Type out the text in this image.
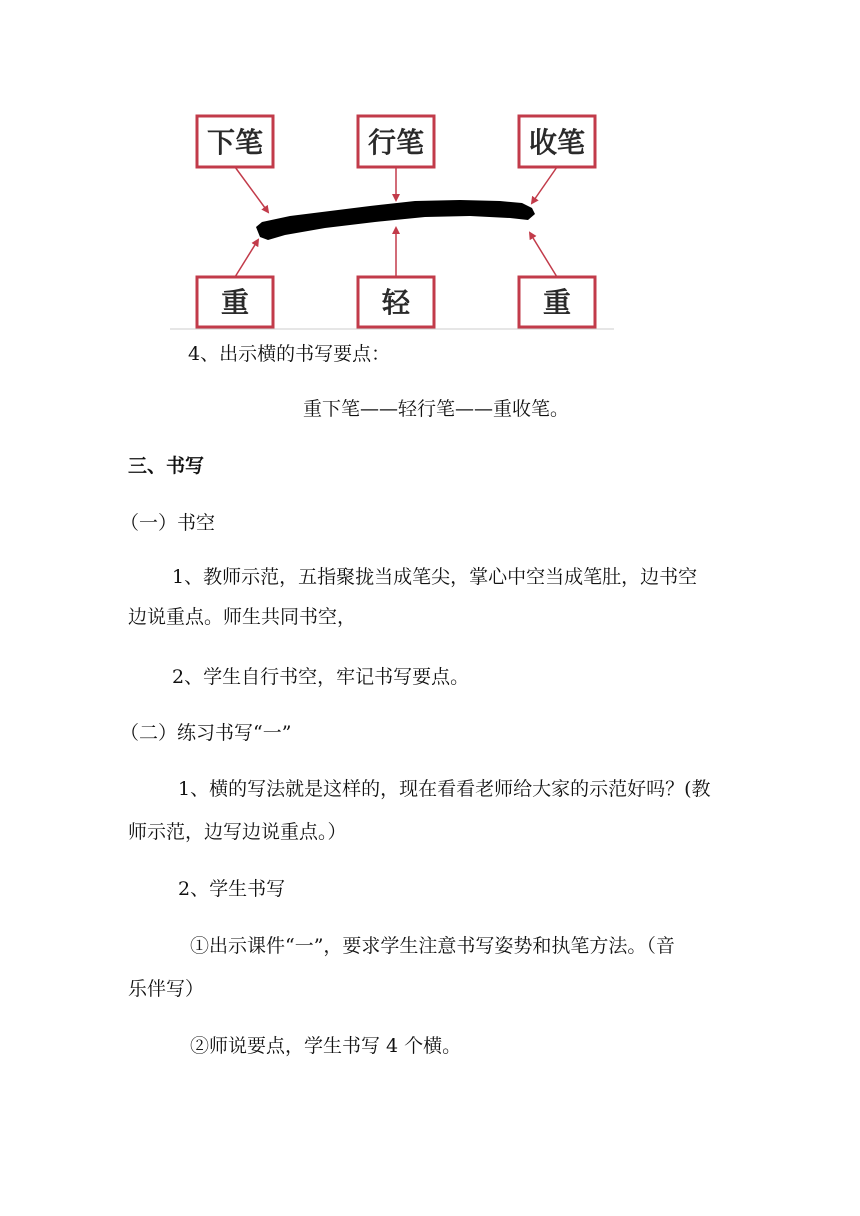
下笔	行笔	收笔
重	轻	重

4、出示横的书写要点：

重下笔——轻行笔——重收笔。

三、书写

（一）书空

1、教师示范，五指聚拢当成笔尖，掌心中空当成笔肚，边书空

边说重点。师生共同书空，

2、学生自行书空，牢记书写要点。

（二）练习书写“一”

1、横的写法就是这样的，现在看看老师给大家的示范好吗？(教

师示范，边写边说重点。）

2、学生书写

①出示课件“一”，要求学生注意书写姿势和执笔方法。（音

乐伴写）

②师说要点，学生书写 4 个横。
